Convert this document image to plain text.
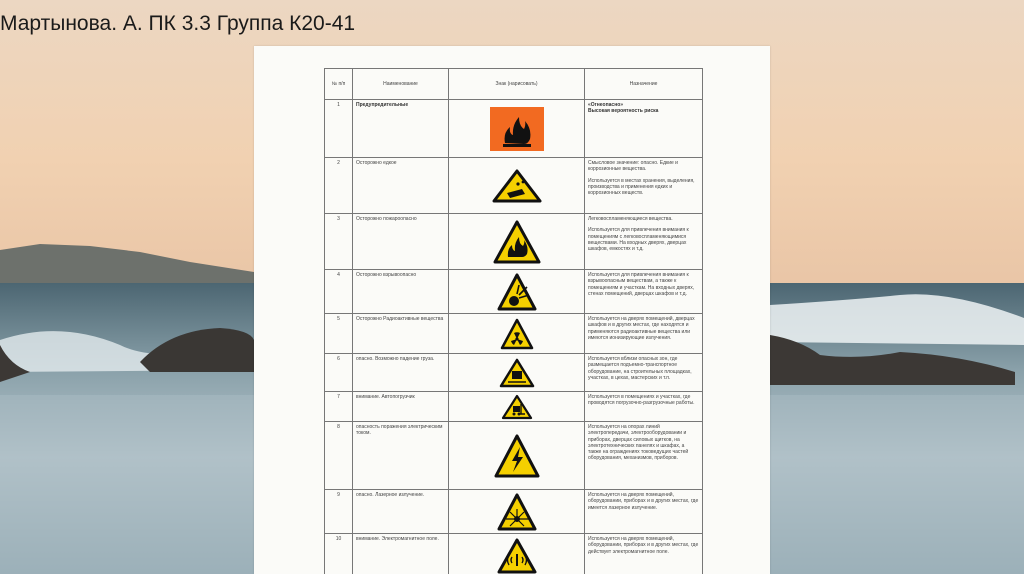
Мартынова. А. ПК 3.3 Группа К20-41
№ п/п	Наименование	Знак (нарисовать)	Назначение
1	Предупредительные		«Огнеопасно»
Высокая вероятность риска

2	Осторожно едкое		Смысловое значение: опасно. Едкие и коррозионные вещества.
Используется в местах хранения, выделения, производства и применения едких и коррозионных веществ.

3	Осторожно пожароопасно		Легковоспламеняющиеся вещества.
Используется для привлечения внимания к помещениям с легковоспламеняющимися веществами. На входных дверях, дверцах шкафов, емкостях и т.д.

4	Осторожно взрывоопасно		Используется для привлечения внимания к взрывоопасным веществам, а также к помещениям и участкам. На входных дверях, стенах помещений, дверцах шкафов и т.д.
5	Осторожно Радиоактивные вещества		Используется на дверях помещений, дверцах шкафов и в других местах, где находятся и применяются радиоактивные вещества или имеются ионизирующие излучения.
6	опасно. Возможно падение груза.		Используется вблизи опасных зон, где размещается подъемно-транспортное оборудование, на строительных площадках, участках, в цехах, мастерских и т.п.
7	внимание. Автопогрузчик		Используется в помещениях и участках, где проводятся погрузочно-разгрузочные работы.
8	опасность поражения электрическим током.		Используется на опорах линий электропередачи, электрооборудовании и приборах, дверцах силовых щитков, на электротехнических панелях и шкафах, а также на ограждениях токоведущих частей оборудования, механизмов, приборов.
9	опасно. Лазерное излучение.		Используется на дверях помещений, оборудовании, приборах и в других местах, где имеется лазерное излучение.
10	внимание. Электромагнитное поле.		Используется на дверях помещений, оборудовании, приборах и в других местах, где действует электромагнитное поле.
